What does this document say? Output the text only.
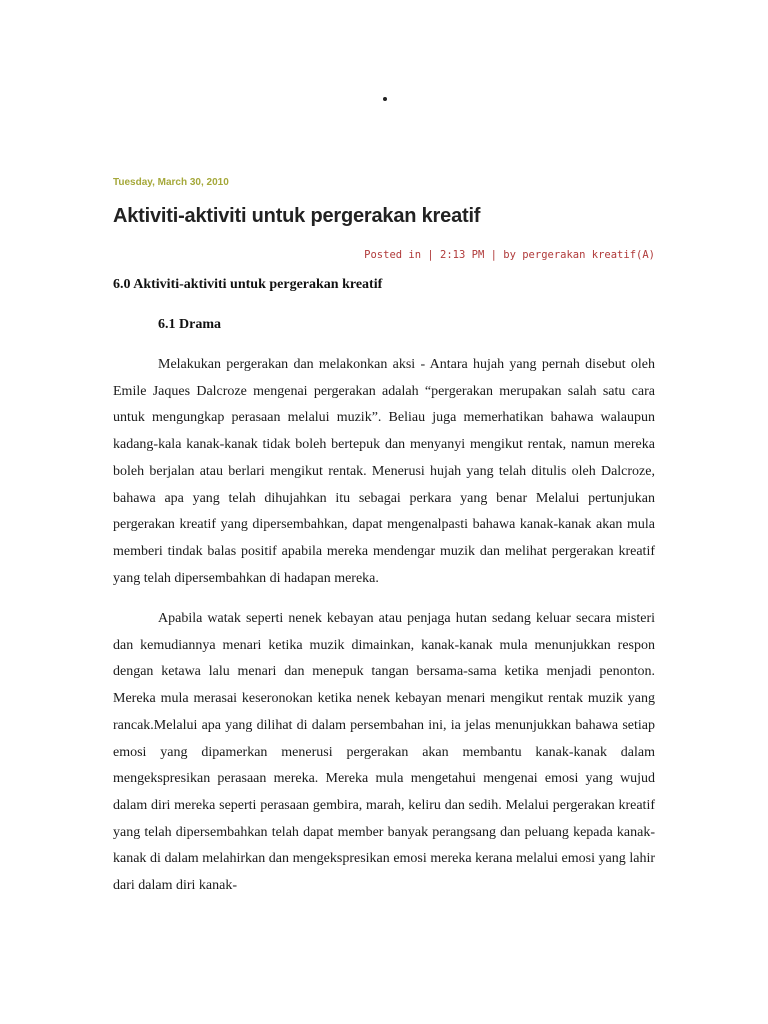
Tuesday, March 30, 2010
Aktiviti-aktiviti untuk pergerakan kreatif
Posted in | 2:13 PM | by pergerakan kreatif(A)
6.0 Aktiviti-aktiviti untuk pergerakan kreatif
6.1 Drama

Melakukan pergerakan dan melakonkan aksi - Antara hujah yang pernah disebut oleh Emile Jaques Dalcroze mengenai pergerakan adalah “pergerakan merupakan salah satu cara untuk mengungkap perasaan melalui muzik”. Beliau juga memerhatikan bahawa walaupun kadang-kala kanak-kanak tidak boleh bertepuk dan menyanyi mengikut rentak, namun mereka boleh berjalan atau berlari mengikut rentak. Menerusi hujah yang telah ditulis oleh Dalcroze, bahawa apa yang telah dihujahkan itu sebagai perkara yang benar Melalui pertunjukan pergerakan kreatif yang dipersembahkan, dapat mengenalpasti bahawa kanak-kanak akan mula memberi tindak balas positif apabila mereka mendengar muzik dan melihat pergerakan kreatif yang telah dipersembahkan di hadapan mereka.

Apabila watak seperti nenek kebayan atau penjaga hutan sedang keluar secara misteri dan kemudiannya menari ketika muzik dimainkan, kanak-kanak mula menunjukkan respon dengan ketawa lalu menari dan menepuk tangan bersama-sama ketika menjadi penonton. Mereka mula merasai keseronokan ketika nenek kebayan menari mengikut rentak muzik yang rancak.Melalui apa yang dilihat di dalam persembahan ini, ia jelas menunjukkan bahawa setiap emosi yang dipamerkan menerusi pergerakan akan membantu kanak-kanak dalam mengekspresikan perasaan mereka. Mereka mula mengetahui mengenai emosi yang wujud dalam diri mereka seperti perasaan gembira, marah, keliru dan sedih. Melalui pergerakan kreatif yang telah dipersembahkan telah dapat member banyak perangsang dan peluang kepada kanak-kanak di dalam melahirkan dan mengekspresikan emosi mereka kerana melalui emosi yang lahir dari dalam diri kanak-
